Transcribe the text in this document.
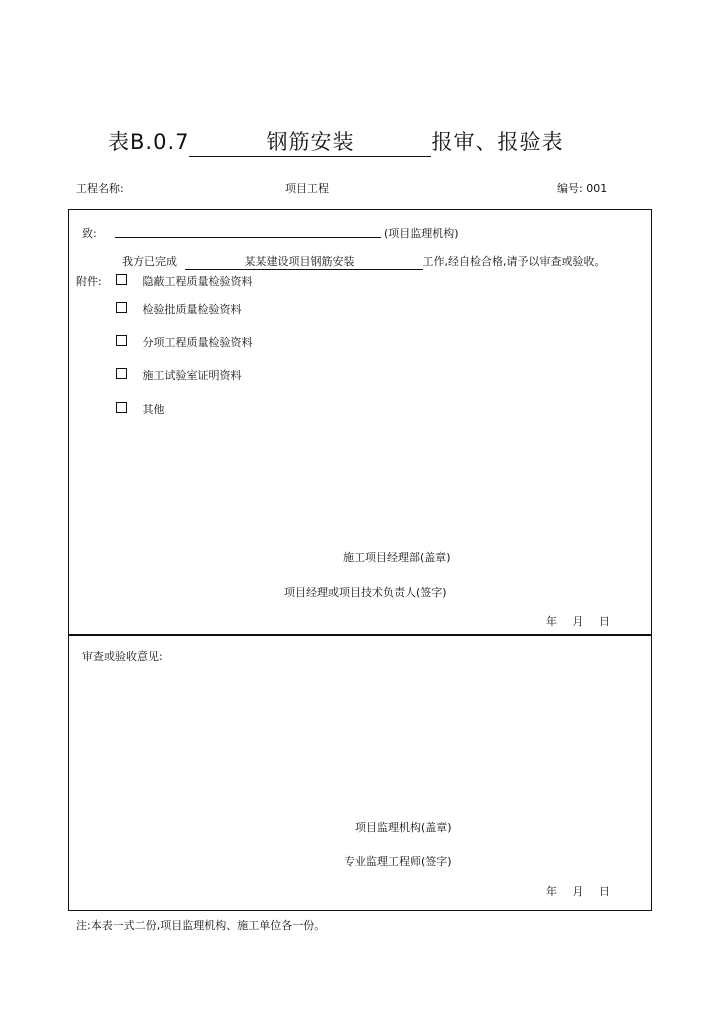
表B.0.7	钢筋安装	报审、报验表
工程名称:	项目工程	编号: 001
致:	(项目监理机构)
我方已完成	某某建设项目钢筋安装	工作,经自检合格,请予以审查或验收。
附件:	隐蔽工程质量检验资料
检验批质量检验资料
分项工程质量检验资料
施工试验室证明资料
其他
施工项目经理部(盖章)
项目经理或项目技术负责人(签字)
年 月 日
审查或验收意见:
项目监理机构(盖章)
专业监理工程师(签字)
年 月 日
注:本表一式二份,项目监理机构、施工单位各一份。
